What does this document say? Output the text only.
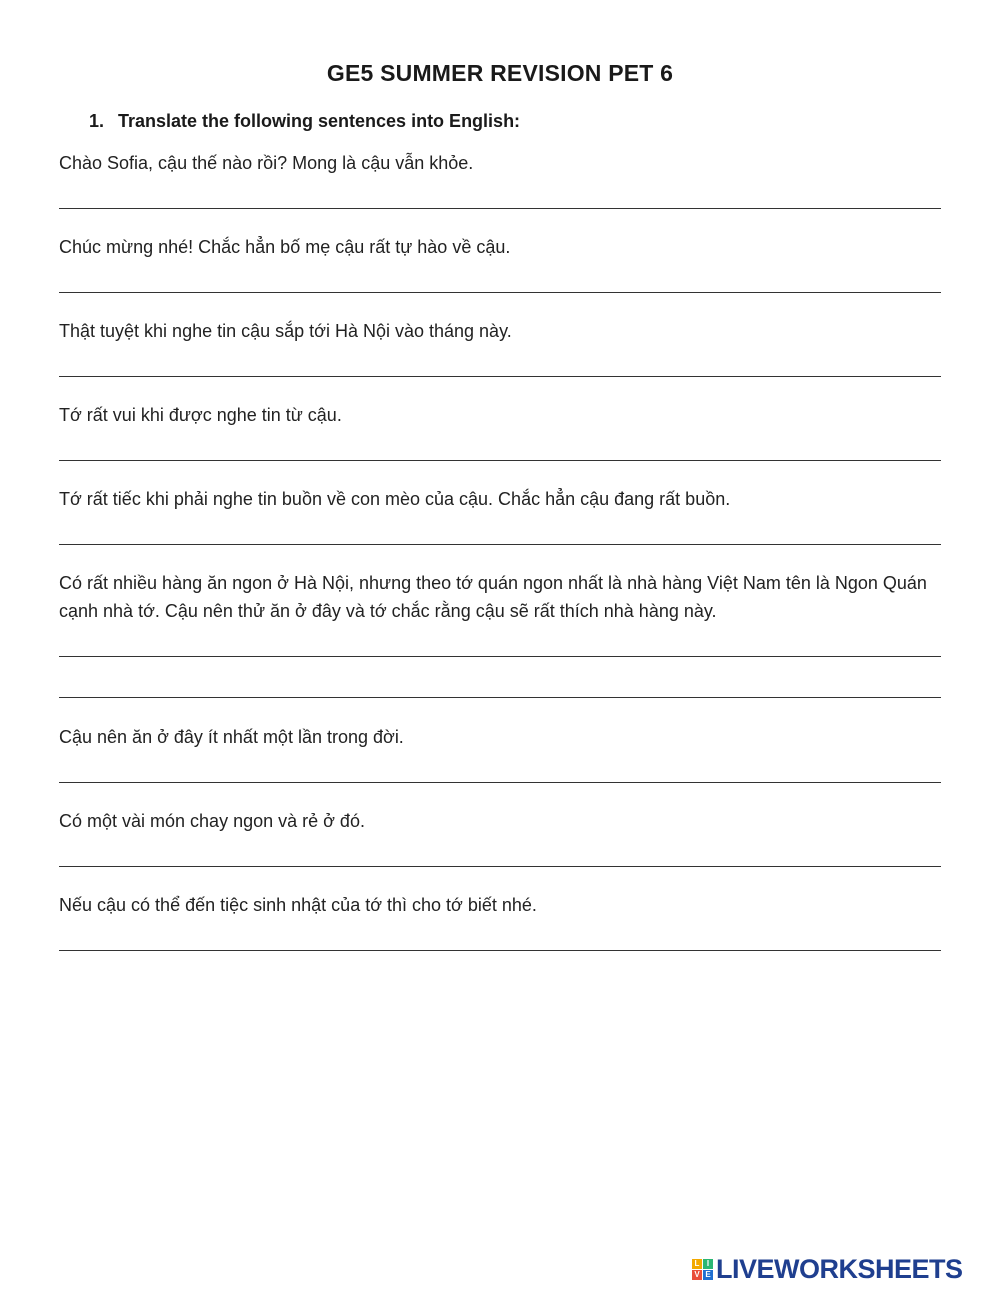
GE5 SUMMER REVISION PET 6
1. Translate the following sentences into English:
Chào Sofia, cậu thế nào rồi? Mong là cậu vẫn khỏe.
Chúc mừng nhé! Chắc hẳn bố mẹ cậu rất tự hào về cậu.
Thật tuyệt khi nghe tin cậu sắp tới Hà Nội vào tháng này.
Tớ rất vui khi được nghe tin từ cậu.
Tớ rất tiếc khi phải nghe tin buồn về con mèo của cậu. Chắc hẳn cậu đang rất buồn.
Có rất nhiều hàng ăn ngon ở Hà Nội, nhưng theo tớ quán ngon nhất là nhà hàng Việt Nam tên là Ngon Quán cạnh nhà tớ. Cậu nên thử ăn ở đây và tớ chắc rằng cậu sẽ rất thích nhà hàng này.
Cậu nên ăn ở đây ít nhất một lần trong đời.
Có một vài món chay ngon và rẻ ở đó.
Nếu cậu có thể đến tiệc sinh nhật của tớ thì cho tớ biết nhé.
L I
V E LIVEWORKSHEETS
